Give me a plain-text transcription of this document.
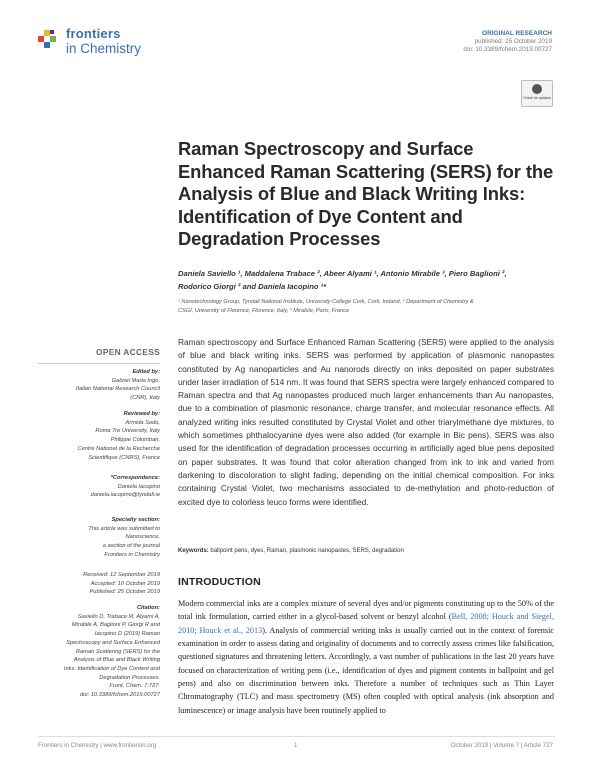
frontiers
in Chemistry
ORIGINAL RESEARCH
published: 25 October 2019
doi: 10.3389/fchem.2019.00727
Check for updates
Raman Spectroscopy and Surface Enhanced Raman Scattering (SERS) for the Analysis of Blue and Black Writing Inks: Identification of Dye Content and Degradation Processes
Daniela Saviello ¹, Maddalena Trabace ², Abeer Alyami ¹, Antonio Mirabile ³, Piero Baglioni ²,
Rodorico Giorgi ² and Daniela Iacopino ¹*
¹ Nanotechnology Group, Tyndall National Institute, University College Cork, Cork, Ireland, ² Department of Chemistry &
CSGI, University of Florence, Florence, Italy, ³ Mirabile, Paris, France
Raman spectroscopy and Surface Enhanced Raman Scattering (SERS) were applied to the analysis of blue and black writing inks. SERS was performed by application of plasmonic nanopastes constituted by Ag nanoparticles and Au nanorods directly on inks deposited on paper substrates under laser irradiation of 514 nm. It was found that SERS spectra were largely enhanced compared to Raman spectra and that Ag nanopastes produced much larger enhancements than Au nanopastes, due to a combination of plasmonic resonance, charge transfer, and molecular resonance effects. All analyzed writing inks resulted constituted by Crystal Violet and other triarylmethane dye mixtures, to which sometimes phthalocyanine dyes were also added (for example in Bic pens). SERS was also used for the identification of degradation processes occurring in artificially aged blue pens deposited on paper substrates. It was found that color alteration changed from ink to ink and varied from darkening to discoloration to slight fading, depending on the initial chemical composition. For inks containing Crystal Violet, two mechanisms associated to de-methylation and photo-reduction of excited dye to colorless leuco forms were identified.
Keywords: ballpoint pens, dyes, Raman, plasmonic nanopastes, SERS, degradation
INTRODUCTION
Modern commercial inks are a complex mixture of several dyes and/or pigments constituting up to the 50% of the total ink formulation, carried either in a glycol-based solvent or benzyl alcohol (Bell, 2008; Houck and Siegel, 2010; Houck et al., 2013). Analysis of commercial writing inks is usually carried out in the context of forensic examination in order to assess dating and originality of documents and to correctly assess crimes like falsification, questioned signatures and threatening letters. Accordingly, a vast number of publications in the last 20 years have focused on characterization of writing pens (i.e., identification of dyes and pigment contents in ballpoint and gel pens) and also on discrimination between inks. Therefore a number of techniques such as Thin Layer Chromatography (TLC) and mass spectrometry (MS) often coupled with optical analysis (ink absorption and luminescence) or image analysis have been routinely applied to
OPEN ACCESS
Edited by:
Gabriel Maria Ingo,
Italian National Research Council
(CNR), Italy
Reviewed by:
Armida Sodo,
Roma Tre University, Italy
Philippe Colomban,
Centre National de la Recherche
Scientifique (CNRS), France
*Correspondence:
Daniela Iacopino
daniela.iacopino@tyndall.ie
Specialty section:
This article was submitted to
Nanoscience,
a section of the journal
Frontiers in Chemistry
Received: 12 September 2019
Accepted: 10 October 2019
Published: 25 October 2019
Citation:
Saviello D, Trabace M, Alyami A,
Mirabile A, Baglioni P, Giorgi R and
Iacopino D (2019) Raman
Spectroscopy and Surface Enhanced
Raman Scattering (SERS) for the
Analysis of Blue and Black Writing
Inks: Identification of Dye Content and
Degradation Processes.
Front. Chem. 7:727.
doi: 10.3389/fchem.2019.00727
Frontiers in Chemistry | www.frontiersin.org	1	October 2019 | Volume 7 | Article 727
